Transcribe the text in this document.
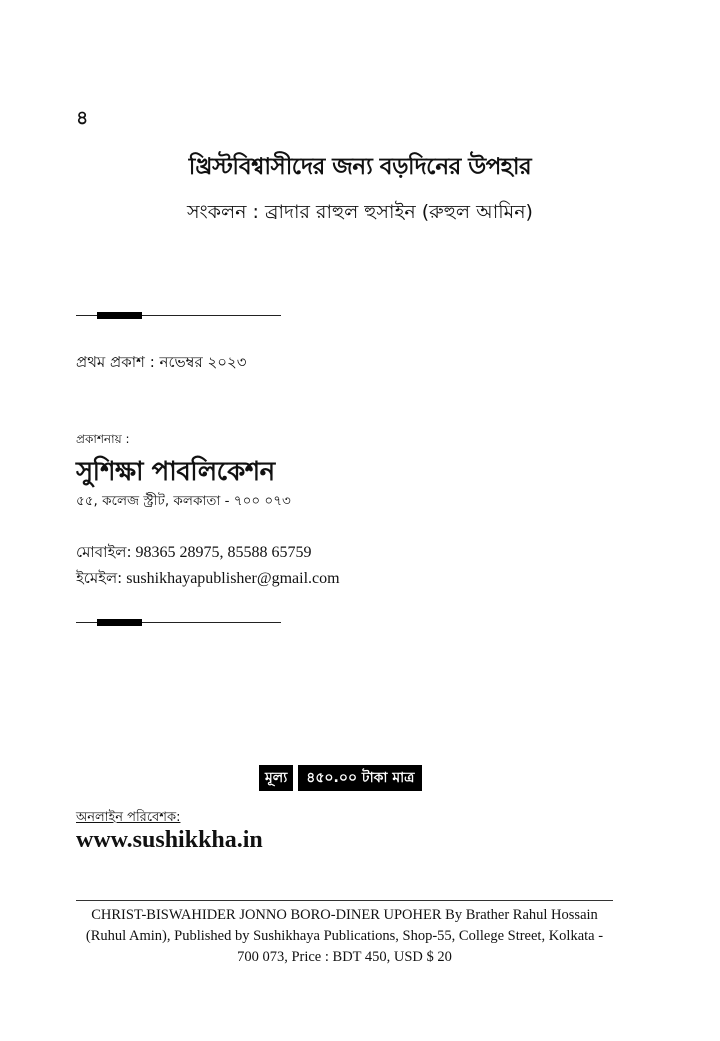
৪
খ্রিস্টবিশ্বাসীদের জন্য বড়দিনের উপহার
সংকলন : ব্রাদার রাহুল হুসাইন (রুহুল আমিন)
প্রথম প্রকাশ : নভেম্বর ২০২৩
প্রকাশনায় :
সুশিক্ষা পাবলিকেশন
৫৫, কলেজ স্ট্রীট, কলকাতা - ৭০০ ০৭৩
মোবাইল: 98365 28975, 85588 65759
ইমেইল: sushikhayapublisher@gmail.com
মূল্য	৪৫০.০০ টাকা মাত্র
অনলাইন পরিবেশক:
www.sushikkha.in
CHRIST-BISWAHIDER JONNO BORO-DINER UPOHER By Brather Rahul Hossain (Ruhul Amin), Published by Sushikhaya Publications, Shop-55, College Street, Kolkata - 700 073, Price : BDT 450, USD $ 20
